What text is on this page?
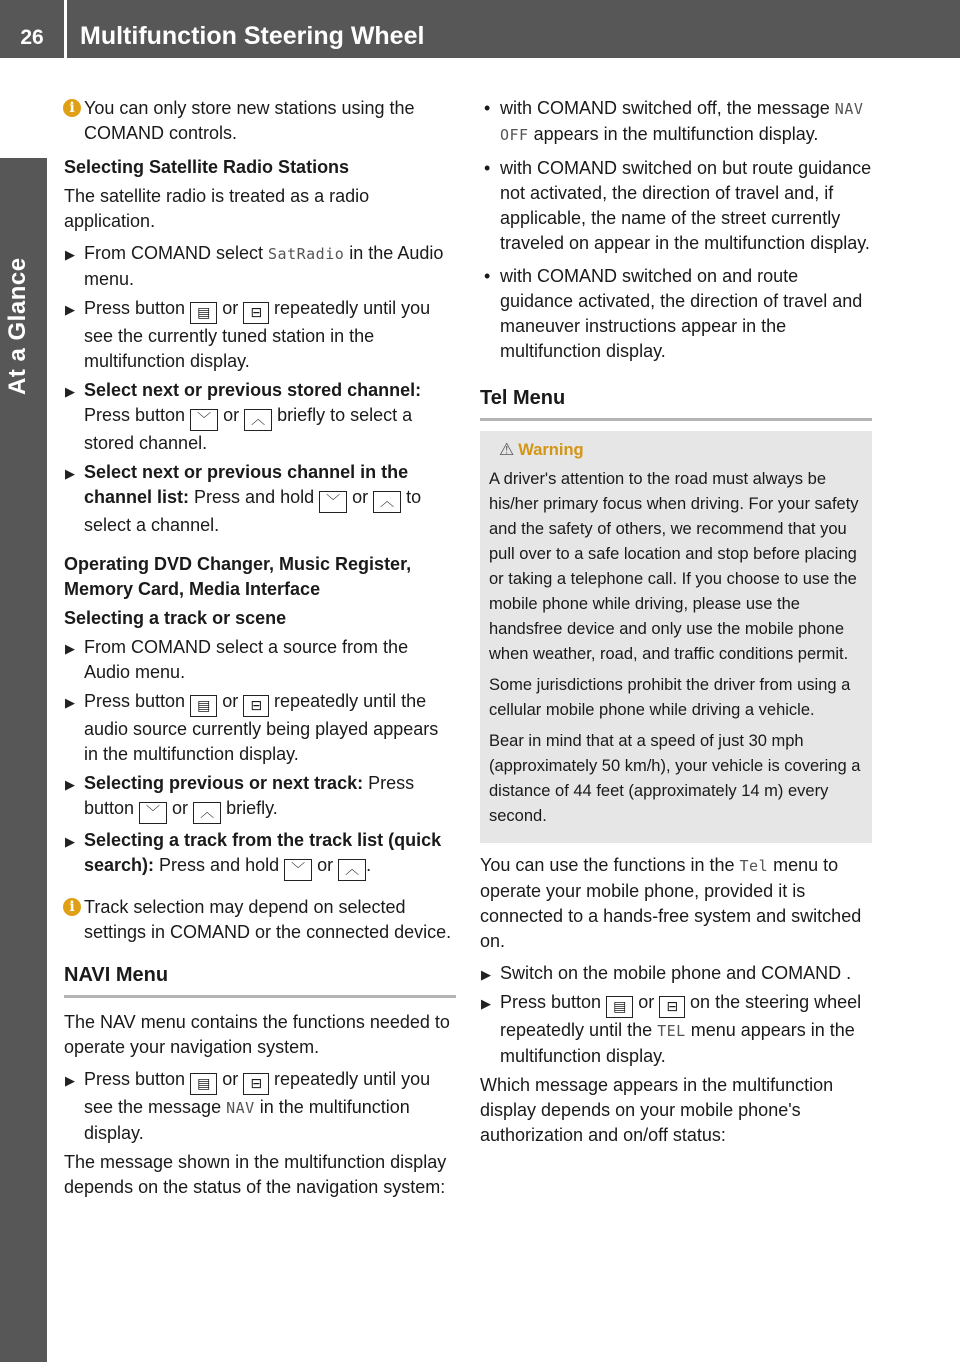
26	Multifunction Steering Wheel
At a Glance

i You can only store new stations using the COMAND controls.

Selecting Satellite Radio Stations

The satellite radio is treated as a radio application.

▶ From COMAND select SatRadio in the Audio menu.
▶ Press button ▤ or ⊟ repeatedly until you see the currently tuned station in the multifunction display.
▶ Select next or previous stored channel: Press button ﹀ or ︿ briefly to select a stored channel.
▶ Select next or previous channel in the channel list: Press and hold ﹀ or ︿ to select a channel.

Operating DVD Changer, Music Register, Memory Card, Media Interface

Selecting a track or scene

▶ From COMAND select a source from the Audio menu.
▶ Press button ▤ or ⊟ repeatedly until the audio source currently being played appears in the multifunction display.
▶ Selecting previous or next track: Press button ﹀ or ︿ briefly.
▶ Selecting a track from the track list (quick search): Press and hold ﹀ or ︿ .

i Track selection may depend on selected settings in COMAND or the connected device.

NAVI Menu

The NAV menu contains the functions needed to operate your navigation system.

▶ Press button ▤ or ⊟ repeatedly until you see the message NAV in the multifunction display.

The message shown in the multifunction display depends on the status of the navigation system:

• with COMAND switched off, the message NAV OFF appears in the multifunction display.
• with COMAND switched on but route guidance not activated, the direction of travel and, if applicable, the name of the street currently traveled on appear in the multifunction display.
• with COMAND switched on and route guidance activated, the direction of travel and maneuver instructions appear in the multifunction display.
Tel Menu
⚠ Warning

A driver's attention to the road must always be his/her primary focus when driving. For your safety and the safety of others, we recommend that you pull over to a safe location and stop before placing or taking a telephone call. If you choose to use the mobile phone while driving, please use the handsfree device and only use the mobile phone when weather, road, and traffic conditions permit.

Some jurisdictions prohibit the driver from using a cellular mobile phone while driving a vehicle.

Bear in mind that at a speed of just 30 mph (approximately 50 km/h), your vehicle is covering a distance of 44 feet (approximately 14 m) every second.

You can use the functions in the Tel menu to operate your mobile phone, provided it is connected to a hands-free system and switched on.

▶ Switch on the mobile phone and COMAND .
▶ Press button ▤ or ⊟ on the steering wheel repeatedly until the TEL menu appears in the multifunction display.

Which message appears in the multifunction display depends on your mobile phone's authorization and on/off status:
